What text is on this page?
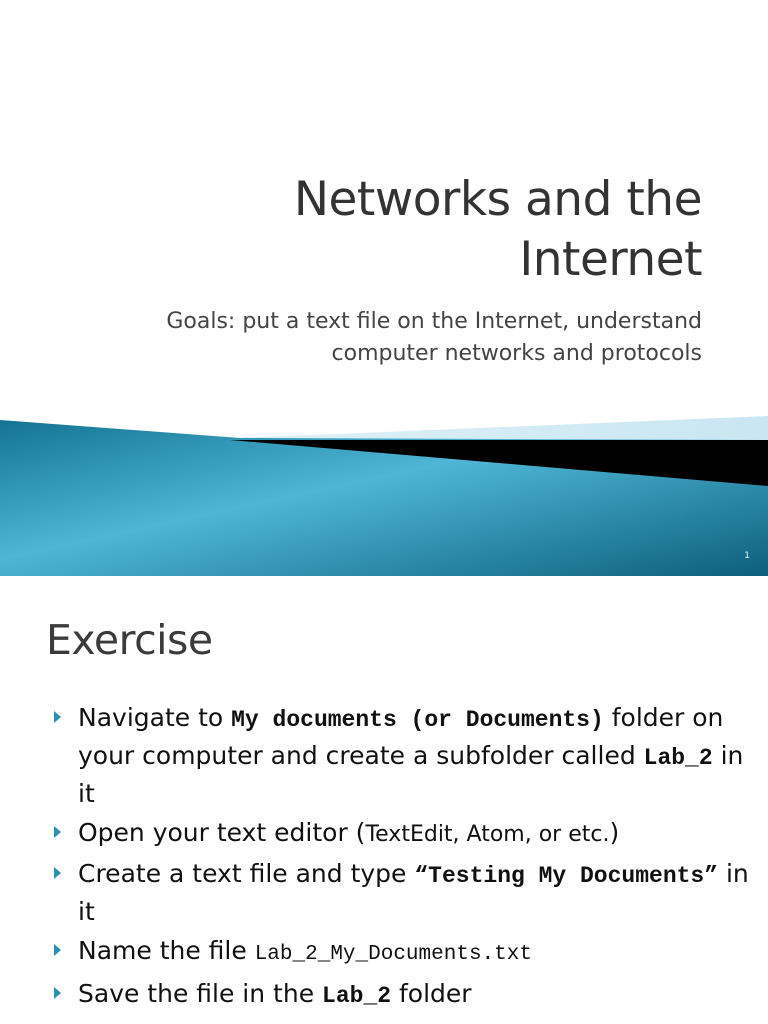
Networks and the
Internet

Goals: put a text file on the Internet, understand
computer networks and protocols

1
Exercise
Navigate to My documents (or Documents) folder on your computer and create a subfolder called Lab_2 in it
Open your text editor (TextEdit, Atom, or etc.)
Create a text file and type “Testing My Documents” in it
Name the file Lab_2_My_Documents.txt
Save the file in the Lab_2 folder
